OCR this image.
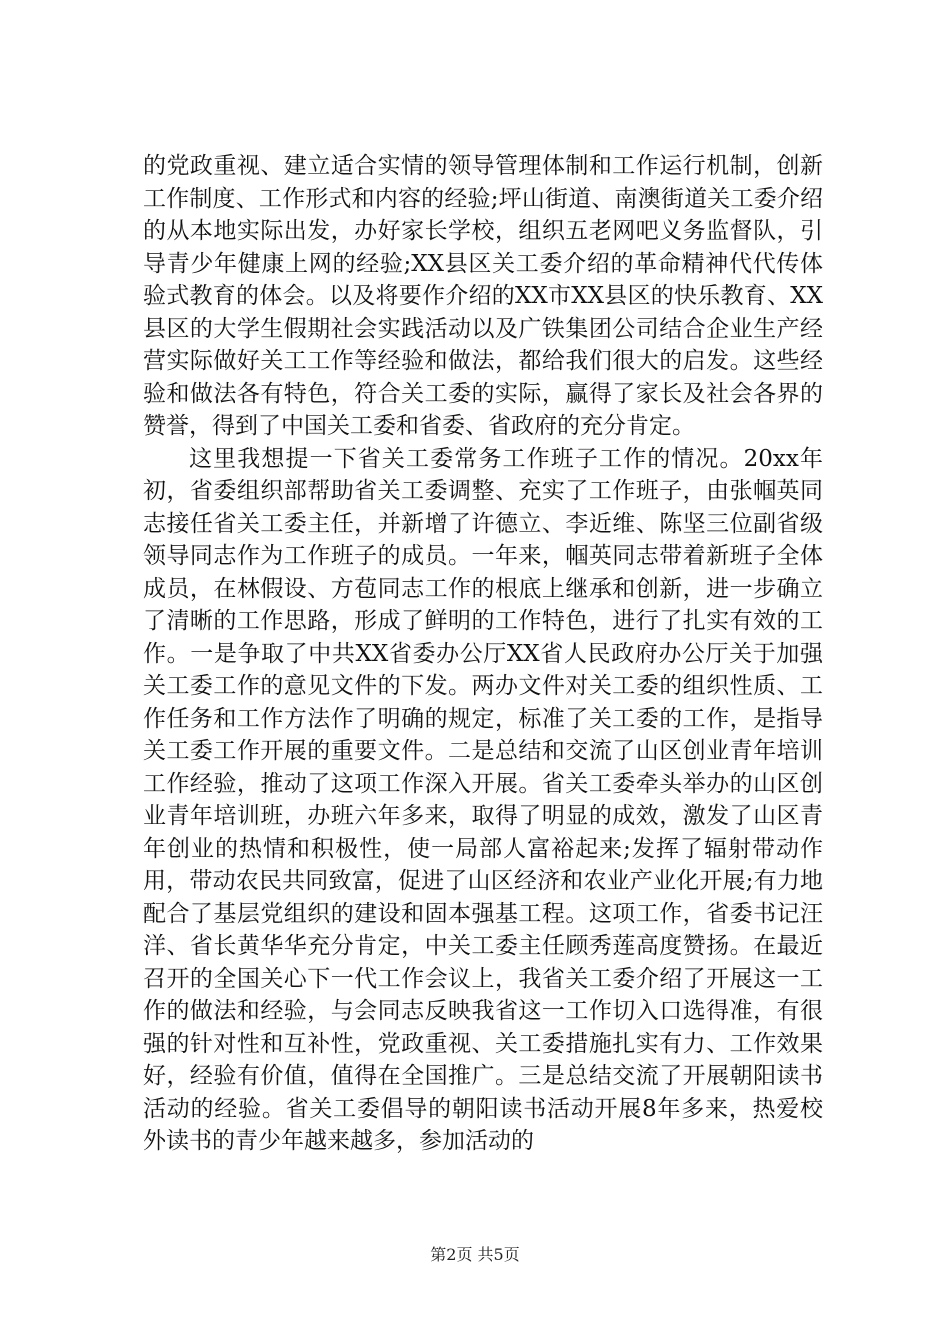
的党政重视、建立适合实情的领导管理体制和工作运行机制，创新工作制度、工作形式和内容的经验;坪山街道、南澳街道关工委介绍的从本地实际出发，办好家长学校，组织五老网吧义务监督队，引导青少年健康上网的经验;XX县区关工委介绍的革命精神代代传体验式教育的体会。以及将要作介绍的XX市XX县区的快乐教育、XX县区的大学生假期社会实践活动以及广铁集团公司结合企业生产经营实际做好关工工作等经验和做法，都给我们很大的启发。这些经验和做法各有特色，符合关工委的实际，赢得了家长及社会各界的赞誉，得到了中国关工委和省委、省政府的充分肯定。

这里我想提一下省关工委常务工作班子工作的情况。20xx年初，省委组织部帮助省关工委调整、充实了工作班子，由张帼英同志接任省关工委主任，并新增了许德立、李近维、陈坚三位副省级领导同志作为工作班子的成员。一年来，帼英同志带着新班子全体成员，在林假设、方苞同志工作的根底上继承和创新，进一步确立了清晰的工作思路，形成了鲜明的工作特色，进行了扎实有效的工作。一是争取了中共XX省委办公厅XX省人民政府办公厅关于加强关工委工作的意见文件的下发。两办文件对关工委的组织性质、工作任务和工作方法作了明确的规定，标准了关工委的工作，是指导关工委工作开展的重要文件。二是总结和交流了山区创业青年培训工作经验，推动了这项工作深入开展。省关工委牵头举办的山区创业青年培训班，办班六年多来，取得了明显的成效，激发了山区青年创业的热情和积极性，使一局部人富裕起来;发挥了辐射带动作用，带动农民共同致富，促进了山区经济和农业产业化开展;有力地配合了基层党组织的建设和固本强基工程。这项工作，省委书记汪洋、省长黄华华充分肯定，中关工委主任顾秀莲高度赞扬。在最近召开的全国关心下一代工作会议上，我省关工委介绍了开展这一工作的做法和经验，与会同志反映我省这一工作切入口选得准，有很强的针对性和互补性，党政重视、关工委措施扎实有力、工作效果好，经验有价值，值得在全国推广。三是总结交流了开展朝阳读书活动的经验。省关工委倡导的朝阳读书活动开展8年多来，热爱校外读书的青少年越来越多，参加活动的

第2页 共5页
